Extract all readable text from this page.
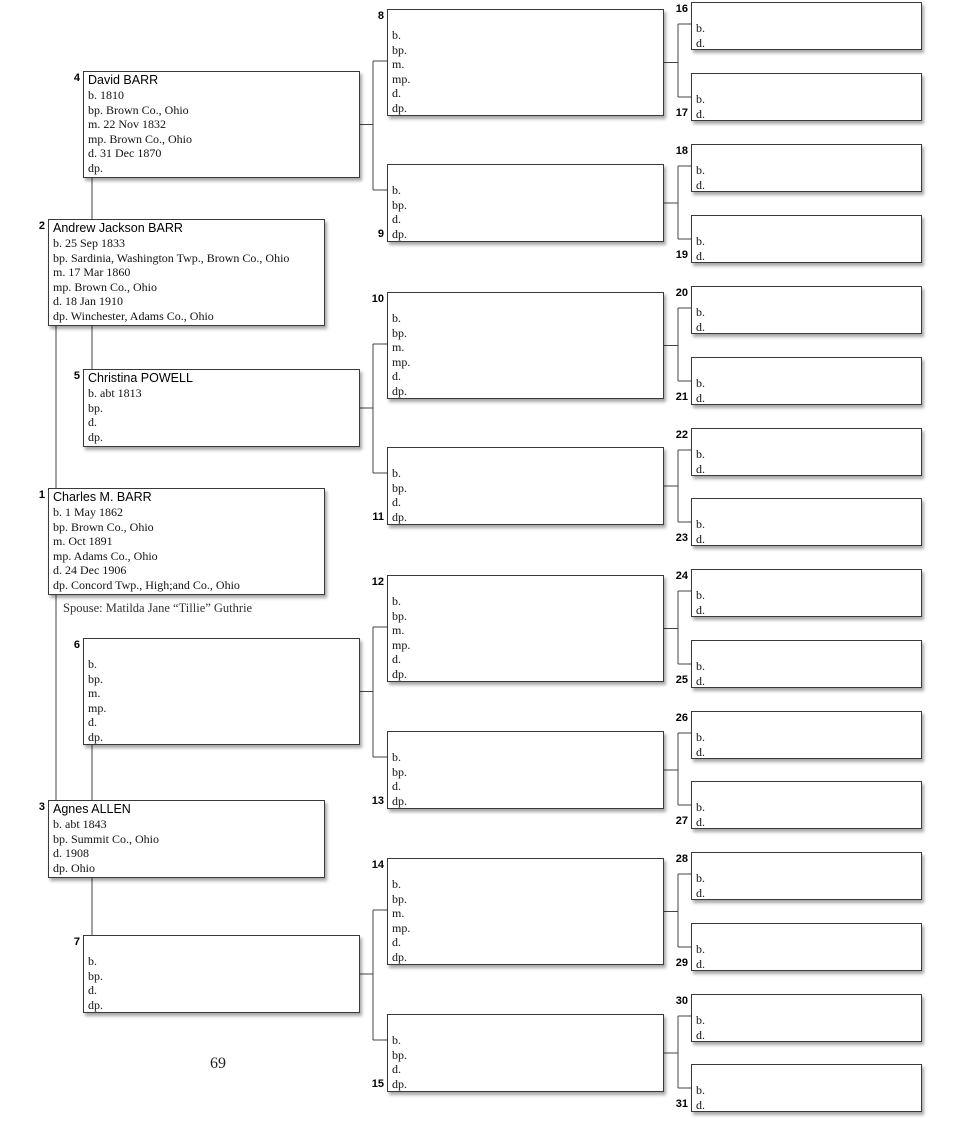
Charles M. BARR
b. 1 May 1862
bp. Brown Co., Ohio
m. Oct 1891
mp. Adams Co., Ohio
d. 24 Dec 1906
dp. Concord Twp., High;and Co., Ohio
1
Andrew Jackson BARR
b. 25 Sep 1833
bp. Sardinia, Washington Twp., Brown Co., Ohio
m. 17 Mar 1860
mp. Brown Co., Ohio
d. 18 Jan 1910
dp. Winchester, Adams Co., Ohio
2
Agnes ALLEN
b. abt 1843
bp. Summit Co., Ohio
d. 1908
dp. Ohio
3
David BARR
b. 1810
bp. Brown Co., Ohio
m. 22 Nov 1832
mp. Brown Co., Ohio
d. 31 Dec 1870
dp.
4
Christina POWELL
b. abt 1813
bp.
d.
dp.
5
b.
bp.
m.
mp.
d.
dp.
6
b.
bp.
d.
dp.
7
b.
bp.
m.
mp.
d.
dp.
8
b.
bp.
d.
dp.
9
b.
bp.
m.
mp.
d.
dp.
10
b.
bp.
d.
dp.
11
b.
bp.
m.
mp.
d.
dp.
12
b.
bp.
d.
dp.
13
b.
bp.
m.
mp.
d.
dp.
14
b.
bp.
d.
dp.
15
b.
d.
16
b.
d.
17
b.
d.
18
b.
d.
19
b.
d.
20
b.
d.
21
b.
d.
22
b.
d.
23
b.
d.
24
b.
d.
25
b.
d.
26
b.
d.
27
b.
d.
28
b.
d.
29
b.
d.
30
b.
d.
31
Spouse: Matilda Jane “Tillie” Guthrie
69
